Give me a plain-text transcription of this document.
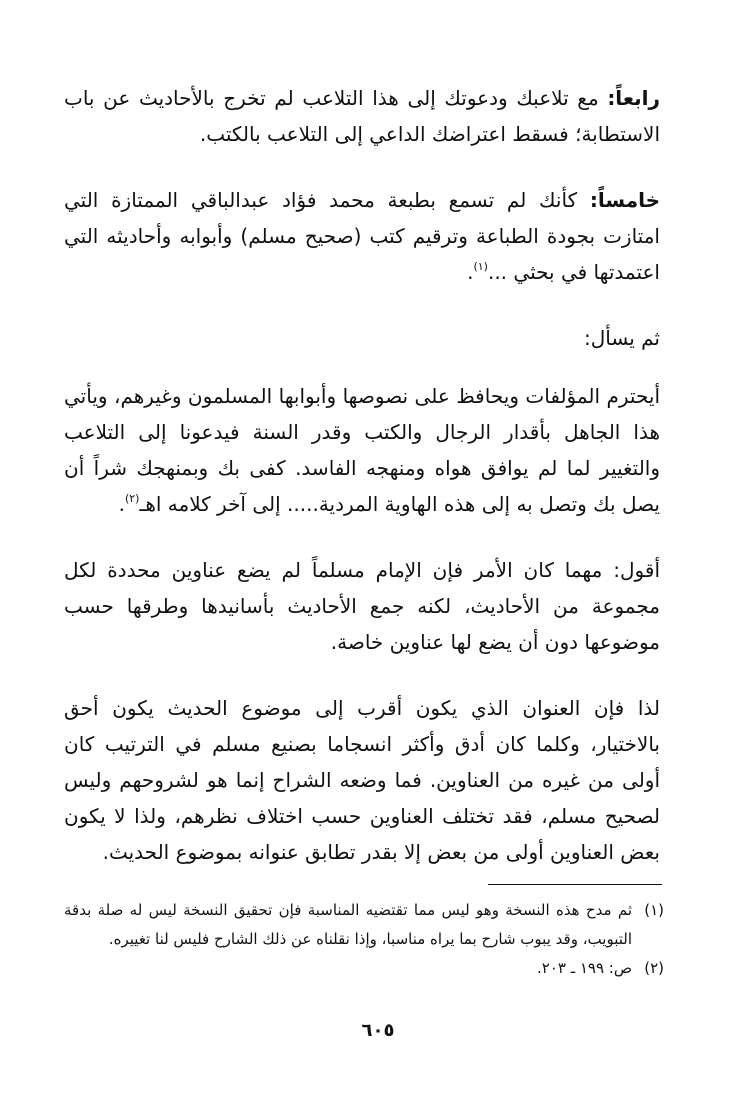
رابعاً: مع تلاعبك ودعوتك إلى هذا التلاعب لم تخرج بالأحاديث عن باب الاستطابة؛ فسقط اعتراضك الداعي إلى التلاعب بالكتب.

خامساً: كأنك لم تسمع بطبعة محمد فؤاد عبدالباقي الممتازة التي امتازت بجودة الطباعة وترقيم كتب (صحيح مسلم) وأبوابه وأحاديثه التي اعتمدتها في بحثي ...$^{(١)}$.

ثم يسأل:

أيحترم المؤلفات ويحافظ على نصوصها وأبوابها المسلمون وغيرهم، ويأتي هذا الجاهل بأقدار الرجال والكتب وقدر السنة فيدعونا إلى التلاعب والتغيير لما لم يوافق هواه ومنهجه الفاسد. كفى بك وبمنهجك شراً أن يصل بك وتصل به إلى هذه الهاوية المردية..... إلى آخر كلامه اهـ$^{(٢)}$.

أقول: مهما كان الأمر فإن الإمام مسلماً لم يضع عناوين محددة لكل مجموعة من الأحاديث، لكنه جمع الأحاديث بأسانيدها وطرقها حسب موضوعها دون أن يضع لها عناوين خاصة.

لذا فإن العنوان الذي يكون أقرب إلى موضوع الحديث يكون أحق بالاختيار، وكلما كان أدق وأكثر انسجاما بصنيع مسلم في الترتيب كان أولى من غيره من العناوين. فما وضعه الشراح إنما هو لشروحهم وليس لصحيح مسلم، فقد تختلف العناوين حسب اختلاف نظرهم، ولذا لا يكون بعض العناوين أولى من بعض إلا بقدر تطابق عنوانه بموضوع الحديث.

(١)
ثم مدح هذه النسخة وهو ليس مما تقتضيه المناسبة فإن تحقيق النسخة ليس له صلة بدقة التبويب، وقد يبوب شارح بما يراه مناسبا، وإذا نقلناه عن ذلك الشارح فليس لنا تغييره.
(٢)
ص: ١٩٩ ـ ٢٠٣.
٦٠٥
